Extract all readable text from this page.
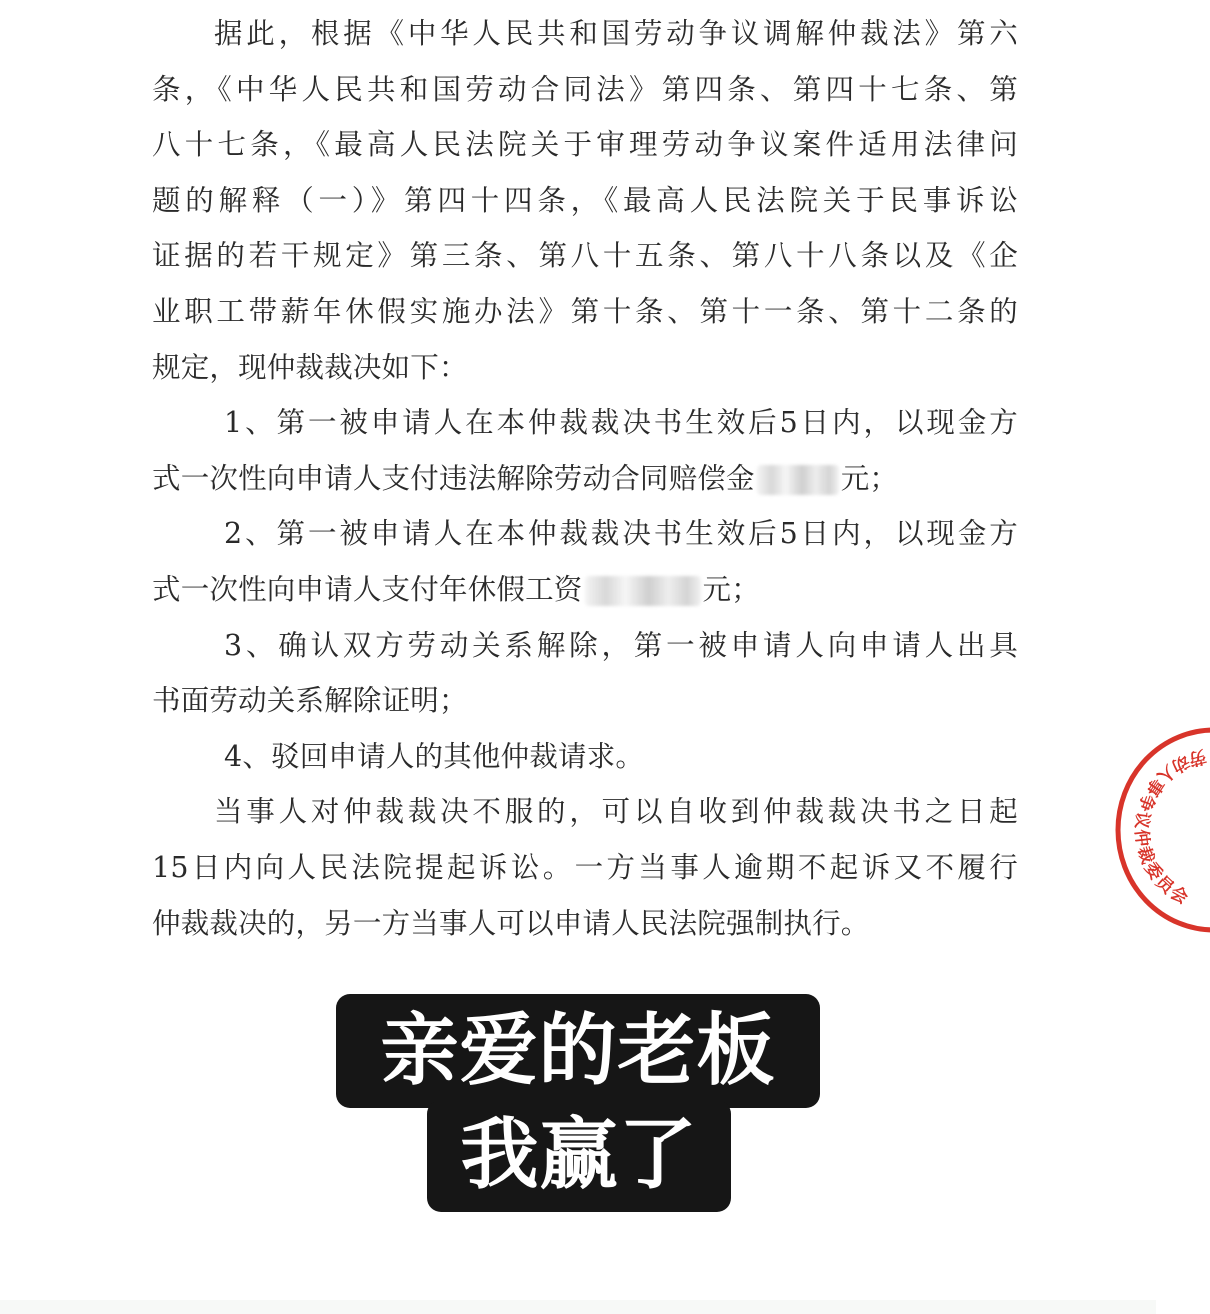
据此，根据《中华人民共和国劳动争议调解仲裁法》第六
条，《中华人民共和国劳动合同法》第四条、第四十七条、第
八十七条，《最高人民法院关于审理劳动争议案件适用法律问
题的解释（一）》第四十四条，《最高人民法院关于民事诉讼
证据的若干规定》第三条、第八十五条、第八十八条以及《企
业职工带薪年休假实施办法》第十条、第十一条、第十二条的
规定，现仲裁裁决如下：
1、第一被申请人在本仲裁裁决书生效后5日内，以现金方
式一次性向申请人支付违法解除劳动合同赔偿金	元；
2、第一被申请人在本仲裁裁决书生效后5日内，以现金方
式一次性向申请人支付年休假工资	元；
3、确认双方劳动关系解除，第一被申请人向申请人出具
书面劳动关系解除证明；
4、驳回申请人的其他仲裁请求。
当事人对仲裁裁决不服的，可以自收到仲裁裁决书之日起
15日内向人民法院提起诉讼。一方当事人逾期不起诉又不履行
仲裁裁决的，另一方当事人可以申请人民法院强制执行。
劳动人事争议仲裁委员会
亲爱的老板
我赢了
